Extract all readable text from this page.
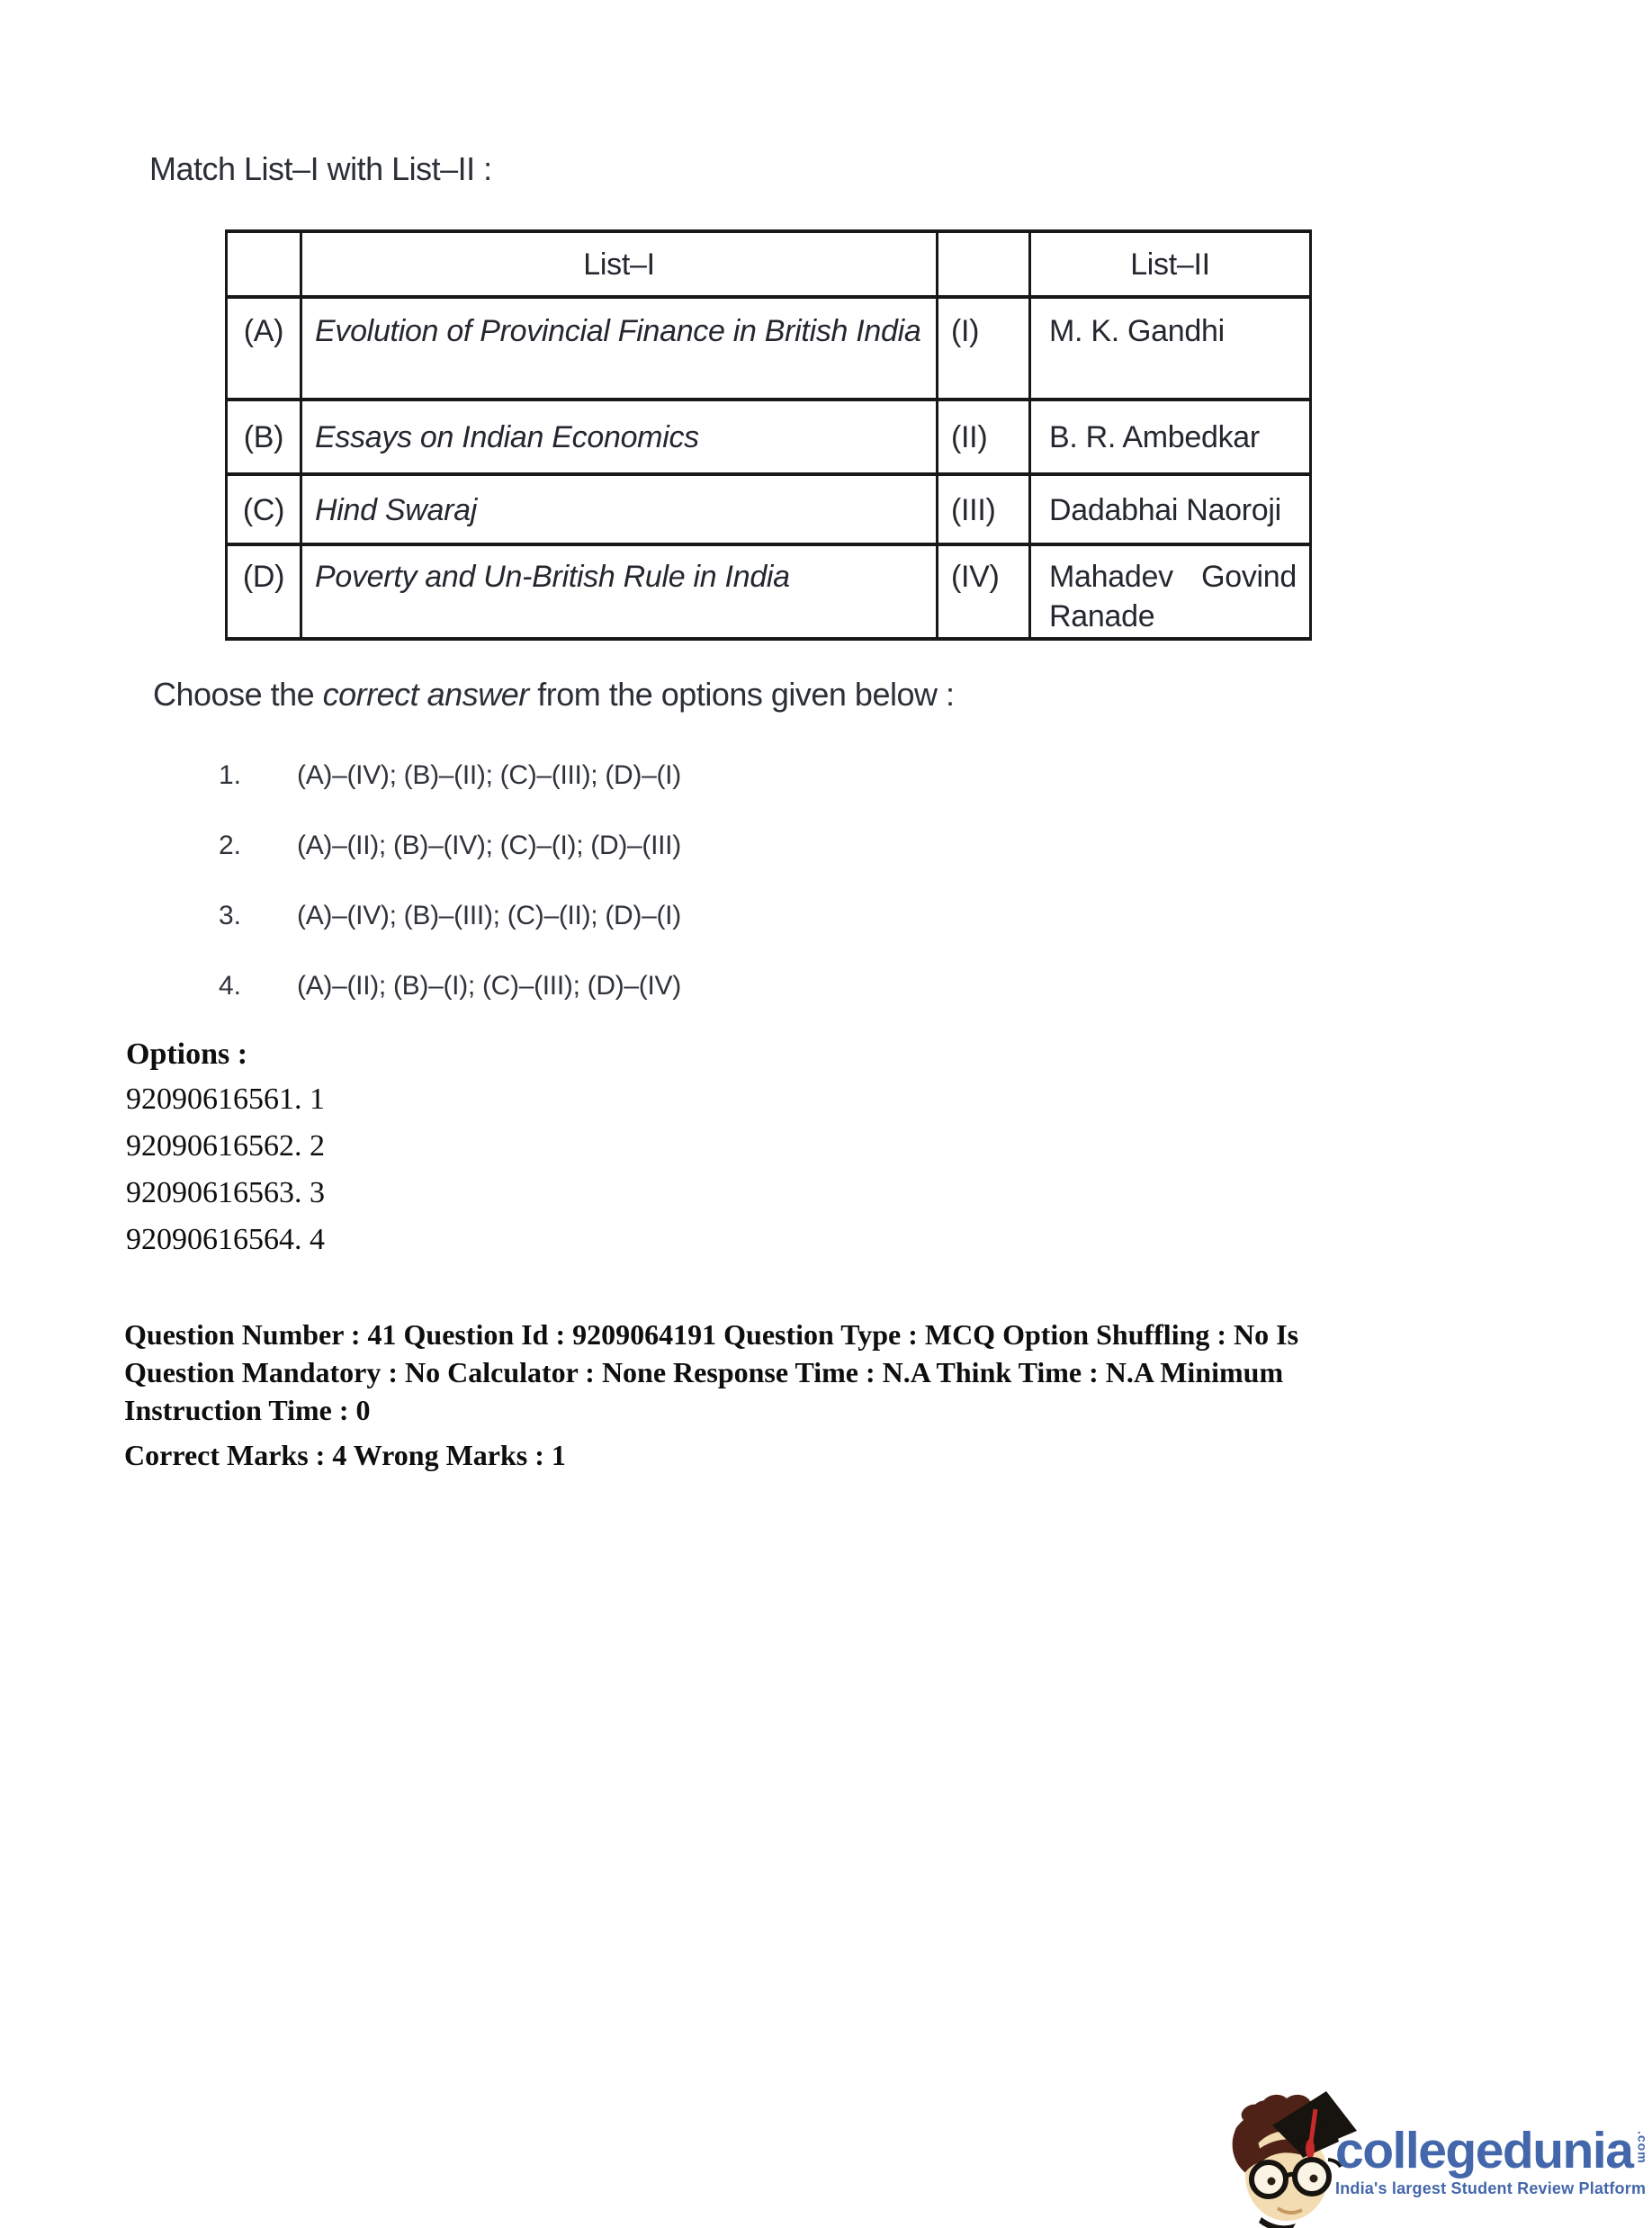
Match List–I with List–II :
	List–I		List–II
(A)	Evolution of Provincial Finance in British India	(I)	M. K. Gandhi
(B)	Essays on Indian Economics	(II)	B. R. Ambedkar
(C)	Hind Swaraj	(III)	Dadabhai Naoroji
(D)	Poverty and Un-British Rule in India	(IV)	Mahadev Govind Ranade
Choose the correct answer from the options given below :
1. (A)–(IV); (B)–(II); (C)–(III); (D)–(I)
2. (A)–(II); (B)–(IV); (C)–(I); (D)–(III)
3. (A)–(IV); (B)–(III); (C)–(II); (D)–(I)
4. (A)–(II); (B)–(I); (C)–(III); (D)–(IV)
Options :
92090616561. 1
92090616562. 2
92090616563. 3
92090616564. 4
Question Number : 41 Question Id : 9209064191 Question Type : MCQ Option Shuffling : No Is
Question Mandatory : No Calculator : None Response Time : N.A Think Time : N.A Minimum
Instruction Time : 0
Correct Marks : 4 Wrong Marks : 1
collegedunia .com
India's largest Student Review Platform
